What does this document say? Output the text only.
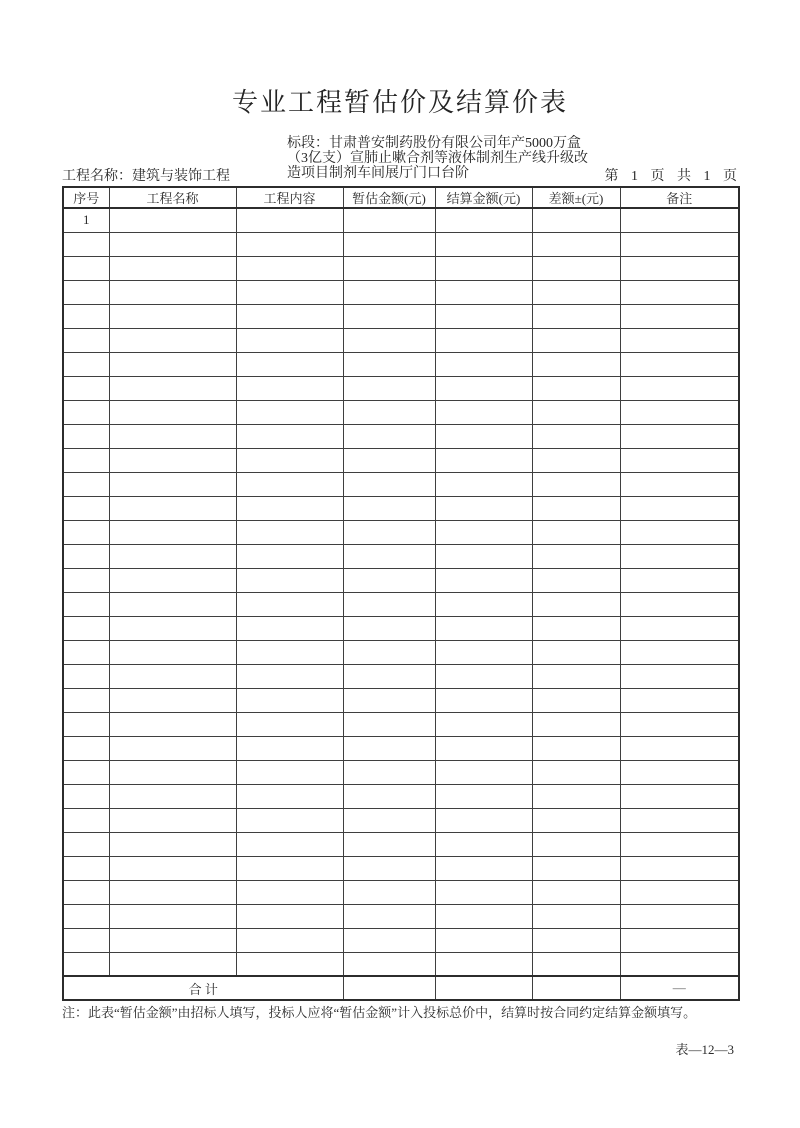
专业工程暂估价及结算价表
标段：甘肃普安制药股份有限公司年产5000万盒
（3亿支）宣肺止嗽合剂等液体制剂生产线升级改
造项目制剂车间展厅门口台阶
工程名称：建筑与装饰工程	第 1 页 共 1 页
序号	工程名称	工程内容	暂估金额(元)	结算金额(元)	差额±(元)	备注
1						

合 计						—
注：此表“暂估金额”由招标人填写，投标人应将“暂估金额”计入投标总价中，结算时按合同约定结算金额填写。
表—12—3
